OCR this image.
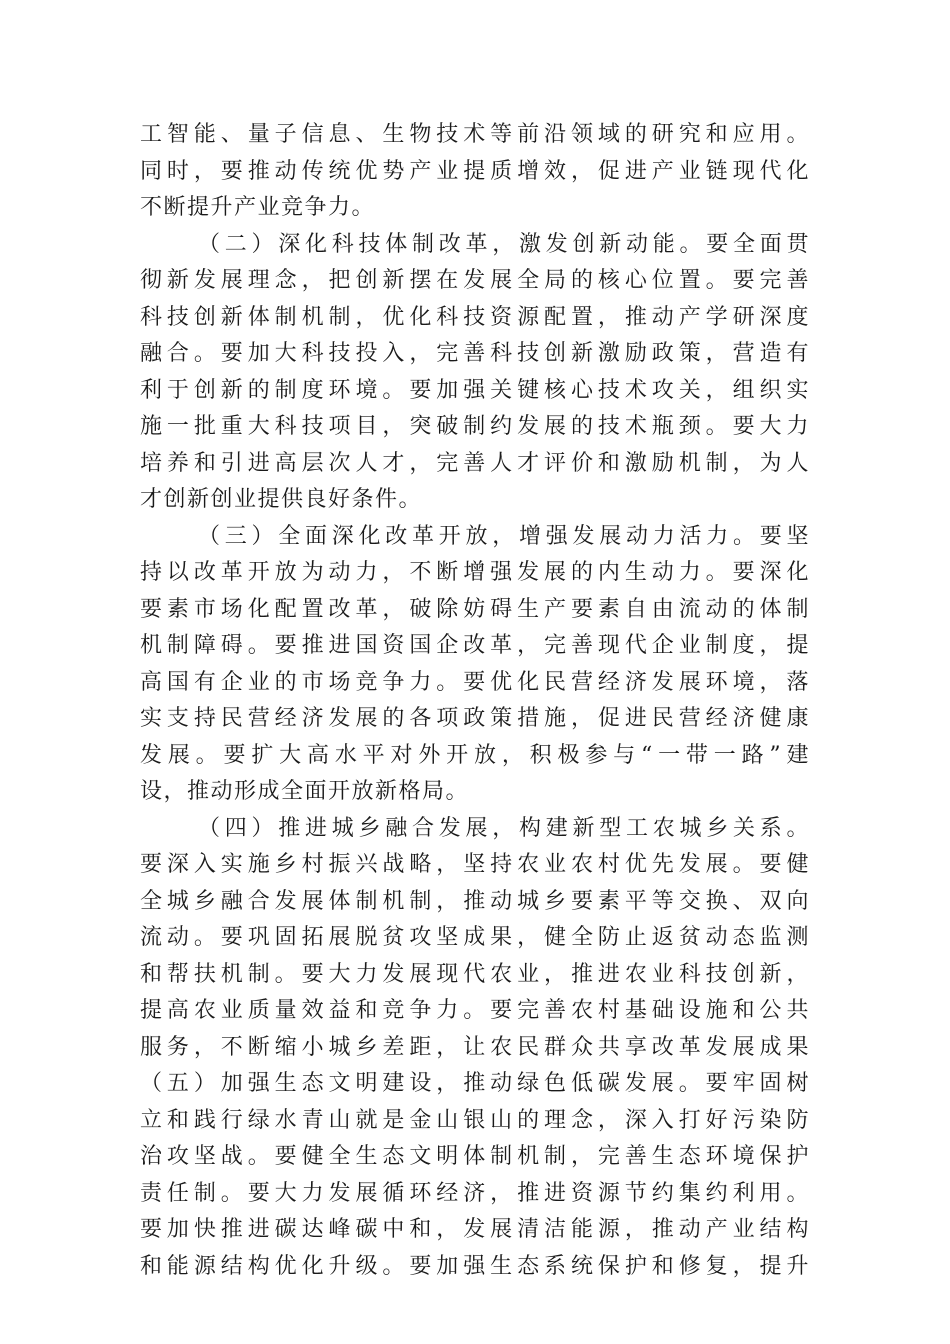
工智能、量子信息、生物技术等前沿领域的研究和应用。
同时，要推动传统优势产业提质增效，促进产业链现代化
不断提升产业竞争力。
（二）深化科技体制改革，激发创新动能。要全面贯
彻新发展理念，把创新摆在发展全局的核心位置。要完善
科技创新体制机制，优化科技资源配置，推动产学研深度
融合。要加大科技投入，完善科技创新激励政策，营造有
利于创新的制度环境。要加强关键核心技术攻关，组织实
施一批重大科技项目，突破制约发展的技术瓶颈。要大力
培养和引进高层次人才，完善人才评价和激励机制，为人
才创新创业提供良好条件。
（三）全面深化改革开放，增强发展动力活力。要坚
持以改革开放为动力，不断增强发展的内生动力。要深化
要素市场化配置改革，破除妨碍生产要素自由流动的体制
机制障碍。要推进国资国企改革，完善现代企业制度，提
高国有企业的市场竞争力。要优化民营经济发展环境，落
实支持民营经济发展的各项政策措施，促进民营经济健康
发展。要扩大高水平对外开放，积极参与“一带一路”建
设，推动形成全面开放新格局。
（四）推进城乡融合发展，构建新型工农城乡关系。
要深入实施乡村振兴战略，坚持农业农村优先发展。要健
全城乡融合发展体制机制，推动城乡要素平等交换、双向
流动。要巩固拓展脱贫攻坚成果，健全防止返贫动态监测
和帮扶机制。要大力发展现代农业，推进农业科技创新，
提高农业质量效益和竞争力。要完善农村基础设施和公共
服务，不断缩小城乡差距，让农民群众共享改革发展成果
（五）加强生态文明建设，推动绿色低碳发展。要牢固树
立和践行绿水青山就是金山银山的理念，深入打好污染防
治攻坚战。要健全生态文明体制机制，完善生态环境保护
责任制。要大力发展循环经济，推进资源节约集约利用。
要加快推进碳达峰碳中和，发展清洁能源，推动产业结构
和能源结构优化升级。要加强生态系统保护和修复，提升
